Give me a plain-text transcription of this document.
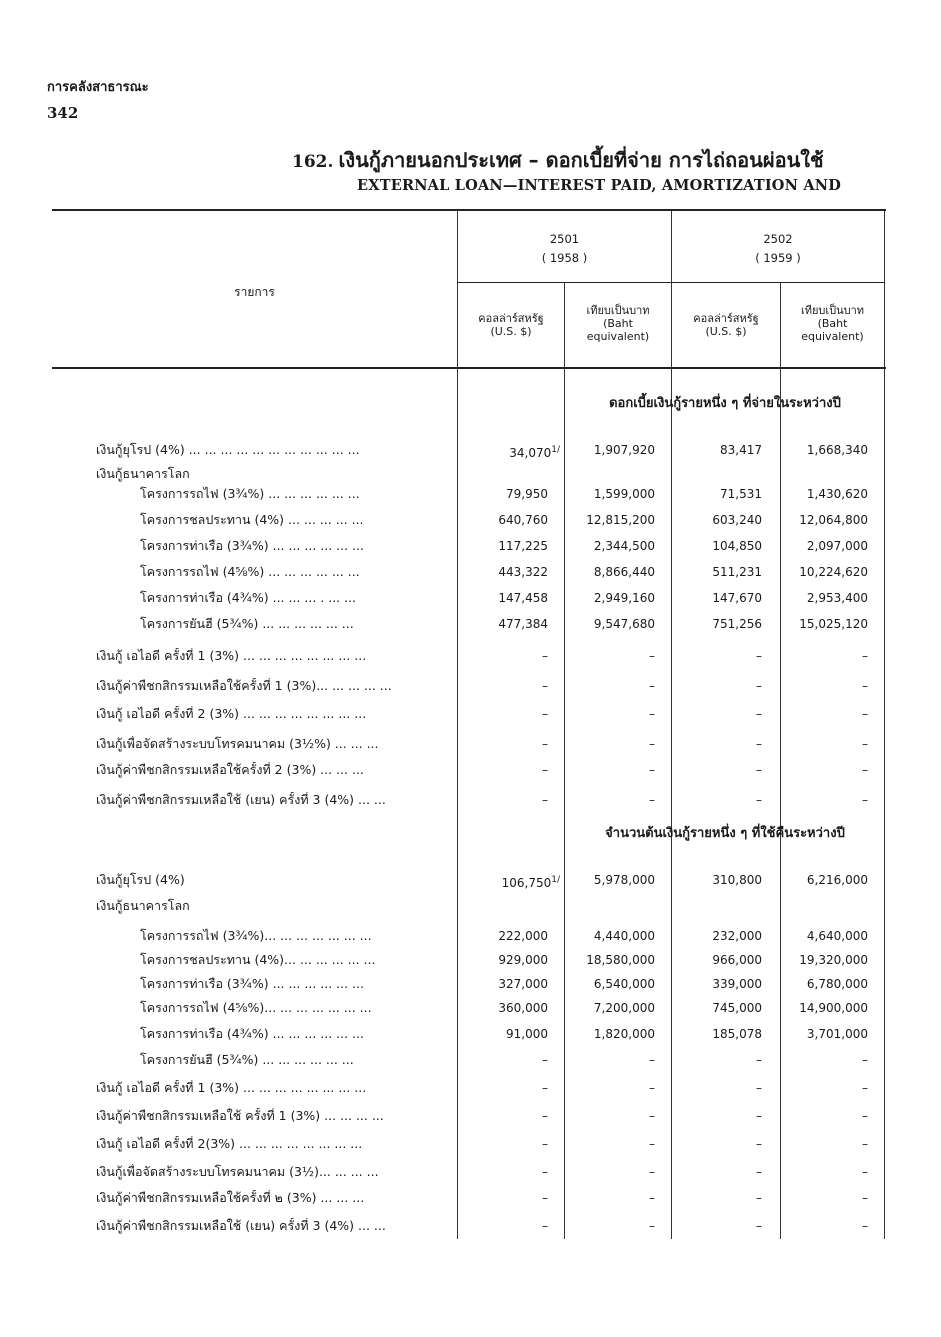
การคลังสาธารณะ
342
162. เงินกู้ภายนอกประเทศ – ดอกเบี้ยที่จ่าย การไถ่ถอนผ่อนใช้
EXTERNAL LOAN—INTEREST PAID, AMORTIZATION AND
รายการ
2501
( 1958 )
2502
( 1959 )
คอลล่าร์สหรัฐ
(U.S. $)
เทียบเป็นบาท
(Baht
equivalent)
คอลล่าร์สหรัฐ
(U.S. $)
เทียบเป็นบาท
(Baht
equivalent)
ดอกเบี้ยเงินกู้รายหนึ่ง ๆ ที่จ่ายในระหว่างปี
เงินกู้ยุโรป (4%) ... ... ... ... ... ... ... ... ... ... ...	$34,070^{1/}$	1,907,920	83,417	1,668,340
เงินกู้ธนาคารโลก
โครงการรถไฟ (3¾%) ... ... ... ... ... ...	79,950	1,599,000	71,531	1,430,620
โครงการชลประทาน (4%) ... ... ... ... ...	640,760	12,815,200	603,240	12,064,800
โครงการท่าเรือ (3¾%) ... ... ... ... ... ...	117,225	2,344,500	104,850	2,097,000
โครงการรถไฟ (4⅝%) ... ... ... ... ... ...	443,322	8,866,440	511,231	10,224,620
โครงการท่าเรือ (4¾%) ... ... ... . ... ...	147,458	2,949,160	147,670	2,953,400
โครงการยันฮี (5¾%) ... ... ... ... ... ...	477,384	9,547,680	751,256	15,025,120
เงินกู้ เอไอดี ครั้งที่ 1 (3%) ... ... ... ... ... ... ... ...	–	–	–	–
เงินกู้ค่าพืชกสิกรรมเหลือใช้ครั้งที่ 1 (3%)... ... ... ... ...	–	–	–	–
เงินกู้ เอไอดี ครั้งที่ 2 (3%) ... ... ... ... ... ... ... ...	–	–	–	–
เงินกู้เพื่อจัดสร้างระบบโทรคมนาคม (3½%) ... ... ...	–	–	–	–
เงินกู้ค่าพืชกสิกรรมเหลือใช้ครั้งที่ 2 (3%) ... ... ...	–	–	–	–
เงินกู้ค่าพืชกสิกรรมเหลือใช้ (เยน) ครั้งที่ 3 (4%) ... ...	–	–	–	–
จำนวนต้นเงินกู้รายหนึ่ง ๆ ที่ใช้คืนระหว่างปี
เงินกู้ยุโรป (4%)	$106,750^{1/}$	5,978,000	310,800	6,216,000
เงินกู้ธนาคารโลก
โครงการรถไฟ (3¾%)... ... ... ... ... ... ...	222,000	4,440,000	232,000	4,640,000
โครงการชลประทาน (4%)... ... ... ... ... ...	929,000	18,580,000	966,000	19,320,000
โครงการท่าเรือ (3¾%) ... ... ... ... ... ...	327,000	6,540,000	339,000	6,780,000
โครงการรถไฟ (4⅝%)... ... ... ... ... ... ...	360,000	7,200,000	745,000	14,900,000
โครงการท่าเรือ (4¾%) ... ... ... ... ... ...	91,000	1,820,000	185,078	3,701,000
โครงการยันฮี (5¾%) ... ... ... ... ... ...	–	–	–	–
เงินกู้ เอไอดี ครั้งที่ 1 (3%) ... ... ... ... ... ... ... ...	–	–	–	–
เงินกู้ค่าพืชกสิกรรมเหลือใช้ ครั้งที่ 1 (3%) ... ... ... ...	–	–	–	–
เงินกู้ เอไอดี ครั้งที่ 2(3%) ... ... ... ... ... ... ... ...	–	–	–	–
เงินกู้เพื่อจัดสร้างระบบโทรคมนาคม (3½)... ... ... ...	–	–	–	–
เงินกู้ค่าพืชกสิกรรมเหลือใช้ครั้งที่ ๒ (3%) ... ... ...	–	–	–	–
เงินกู้ค่าพืชกสิกรรมเหลือใช้ (เยน) ครั้งที่ 3 (4%) ... ...	–	–	–	–
